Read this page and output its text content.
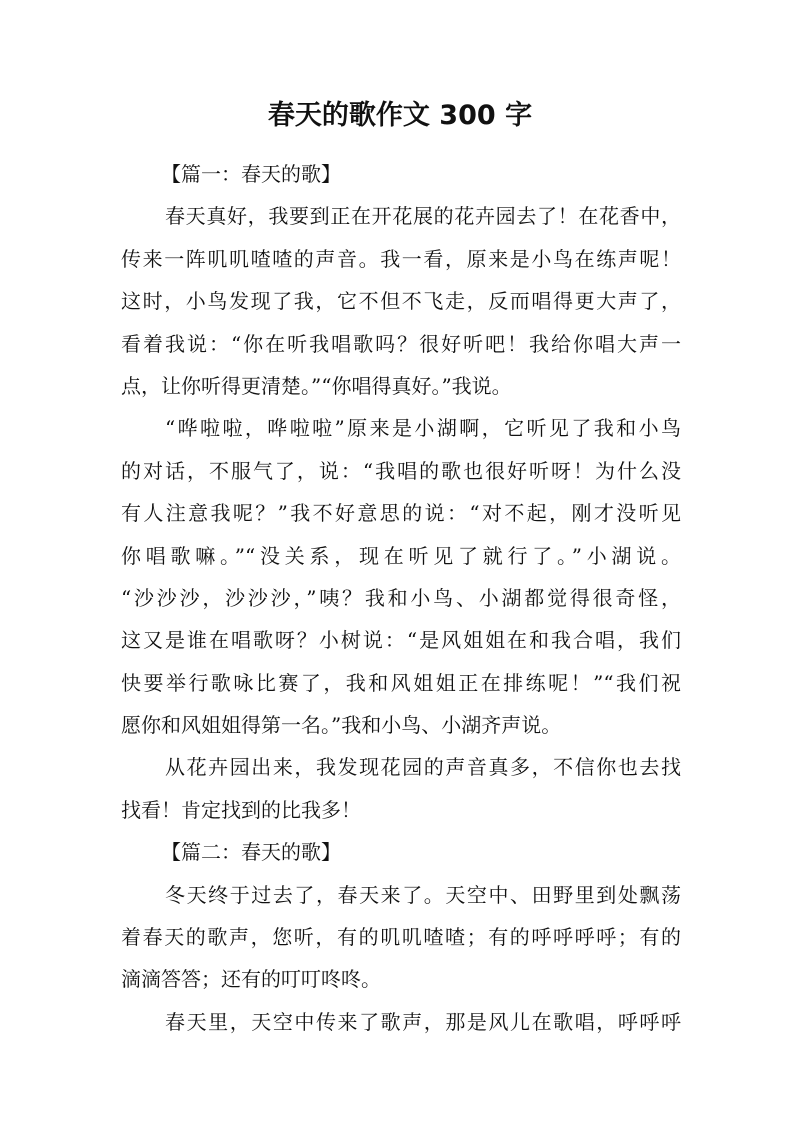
春天的歌作文 300 字
【篇一：春天的歌】
春天真好，我要到正在开花展的花卉园去了！在花香中，
传来一阵叽叽喳喳的声音。我一看，原来是小鸟在练声呢！
这时，小鸟发现了我，它不但不飞走，反而唱得更大声了，
看着我说：“你在听我唱歌吗？很好听吧！我给你唱大声一
点，让你听得更清楚。”“你唱得真好。”我说。
“哗啦啦，哗啦啦”原来是小湖啊，它听见了我和小鸟
的对话，不服气了，说：“我唱的歌也很好听呀！为什么没
有人注意我呢？”我不好意思的说：“对不起，刚才没听见
你唱歌嘛。”“没关系，现在听见了就行了。”小湖说。
“沙沙沙，沙沙沙，”咦？我和小鸟、小湖都觉得很奇怪，
这又是谁在唱歌呀？小树说：“是风姐姐在和我合唱，我们
快要举行歌咏比赛了，我和风姐姐正在排练呢！”“我们祝
愿你和风姐姐得第一名。”我和小鸟、小湖齐声说。
从花卉园出来，我发现花园的声音真多，不信你也去找
找看！肯定找到的比我多！
【篇二：春天的歌】
冬天终于过去了，春天来了。天空中、田野里到处飘荡
着春天的歌声，您听，有的叽叽喳喳；有的呼呼呼呼；有的
滴滴答答；还有的叮叮咚咚。
春天里，天空中传来了歌声，那是风儿在歌唱，呼呼呼
